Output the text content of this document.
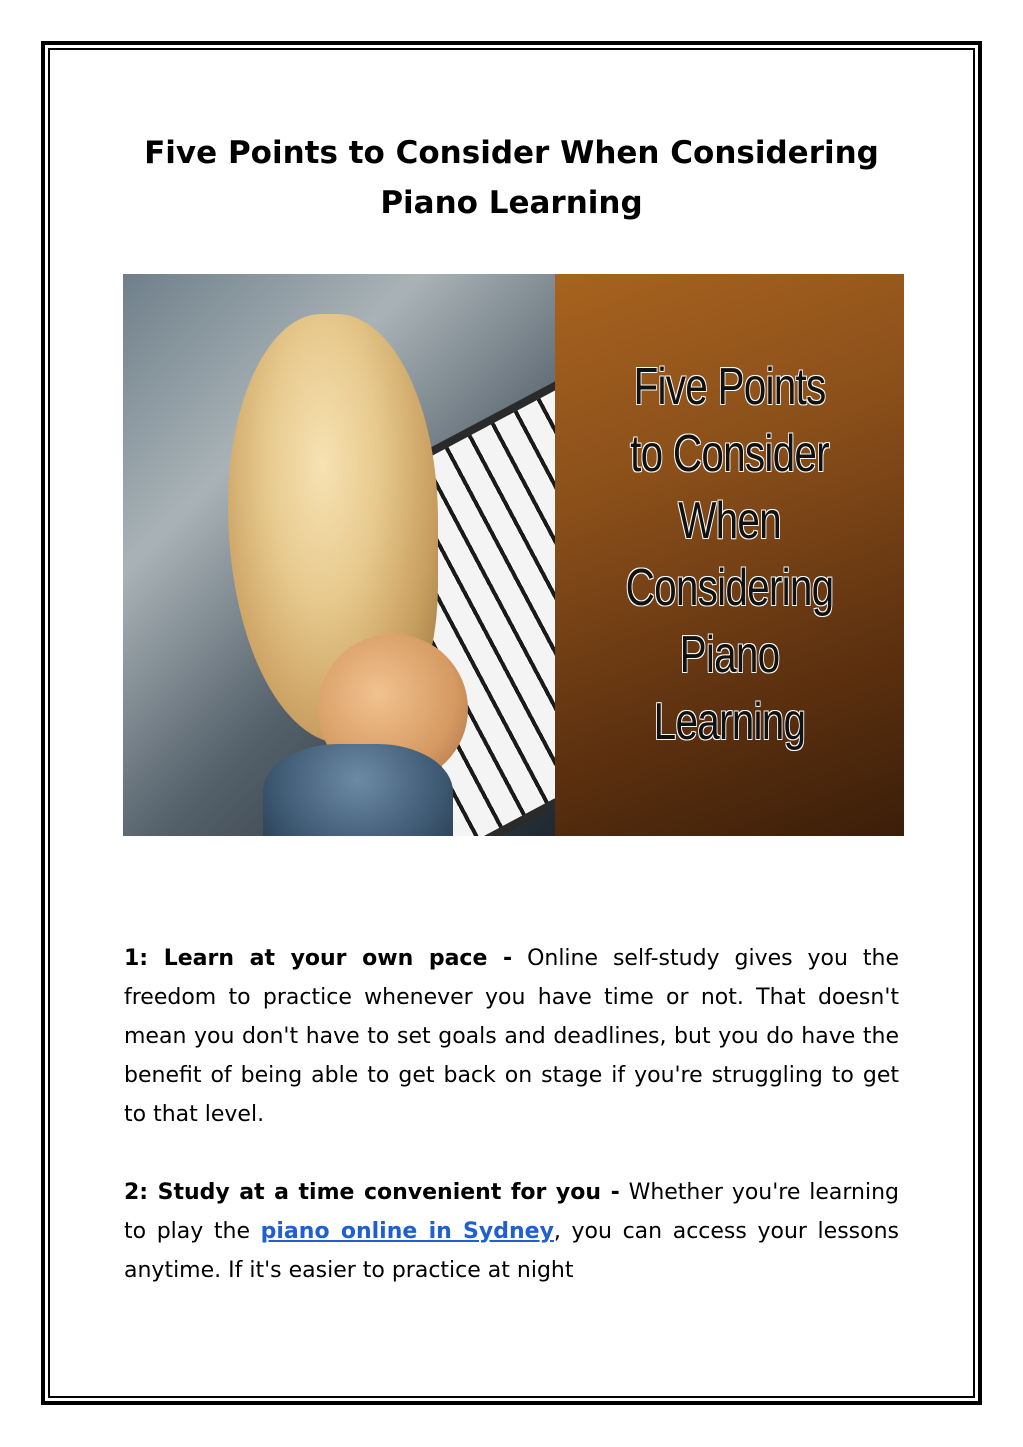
Five Points to Consider When Considering Piano Learning
Five Points
to Consider
When
Considering
Piano
Learning
1: Learn at your own pace - Online self-study gives you the freedom to practice whenever you have time or not. That doesn't mean you don't have to set goals and deadlines, but you do have the benefit of being able to get back on stage if you're struggling to get to that level.
2: Study at a time convenient for you - Whether you're learning to play the piano online in Sydney, you can access your lessons anytime. If it's easier to practice at night
